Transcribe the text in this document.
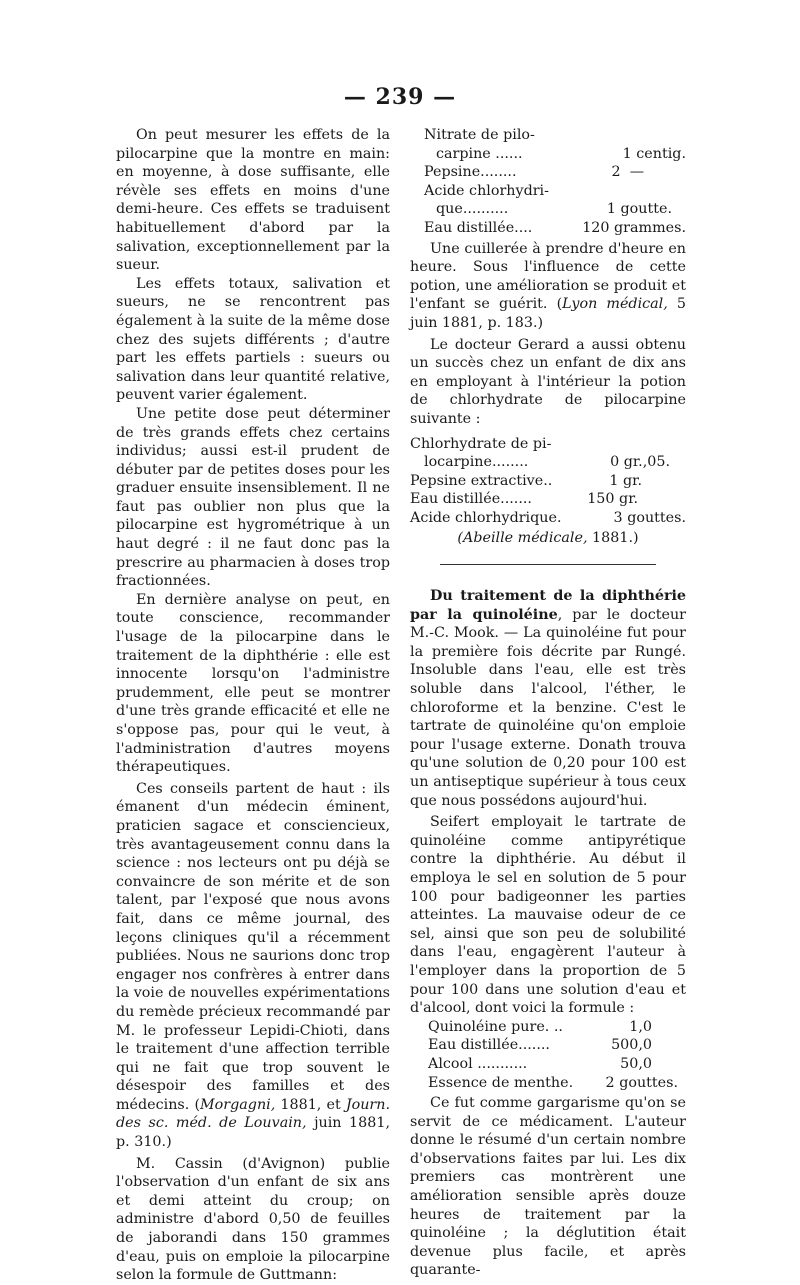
— 239 —

On peut mesurer les effets de la pilocarpine que la montre en main: en moyenne, à dose suffisante, elle révèle ses effets en moins d'une demi-heure. Ces effets se traduisent habituellement d'abord par la salivation, exceptionnellement par la sueur.

Les effets totaux, salivation et sueurs, ne se rencontrent pas également à la suite de la même dose chez des sujets différents ; d'autre part les effets partiels : sueurs ou salivation dans leur quantité relative, peuvent varier également.

Une petite dose peut déterminer de très grands effets chez certains individus; aussi est-il prudent de débuter par de petites doses pour les graduer ensuite insensiblement. Il ne faut pas oublier non plus que la pilocarpine est hygrométrique à un haut degré : il ne faut donc pas la prescrire au pharmacien à doses trop fractionnées.

En dernière analyse on peut, en toute conscience, recommander l'usage de la pilocarpine dans le traitement de la diphthérie : elle est innocente lorsqu'on l'administre prudemment, elle peut se montrer d'une très grande efficacité et elle ne s'oppose pas, pour qui le veut, à l'administration d'autres moyens thérapeutiques.

Ces conseils partent de haut : ils émanent d'un médecin éminent, praticien sagace et consciencieux, très avantageusement connu dans la science : nos lecteurs ont pu déjà se convaincre de son mérite et de son talent, par l'exposé que nous avons fait, dans ce même journal, des leçons cliniques qu'il a récemment publiées. Nous ne saurions donc trop engager nos confrères à entrer dans la voie de nouvelles expérimentations du remède précieux recommandé par M. le professeur Lepidi-Chioti, dans le traitement d'une affection terrible qui ne fait que trop souvent le désespoir des familles et des médecins. (Morgagni, 1881, et Journ. des sc. méd. de Louvain, juin 1881, p. 310.)

M. Cassin (d'Avignon) publie l'observation d'un enfant de six ans et demi atteint du croup; on administre d'abord 0,50 de feuilles de jaborandi dans 150 grammes d'eau, puis on emploie la pilocarpine selon la formule de Guttmann:

Nitrate de pilo-
carpine ......	1 centig.
Pepsine........	2  —
Acide chlorhydri-
que..........	1 goutte.
Eau distillée....	120 grammes.

Une cuillerée à prendre d'heure en heure. Sous l'influence de cette potion, une amélioration se produit et l'enfant se guérit. (Lyon médical, 5 juin 1881, p. 183.)

Le docteur Gerard a aussi obtenu un succès chez un enfant de dix ans en employant à l'intérieur la potion de chlorhydrate de pilocarpine suivante :

Chlorhydrate de pi-
locarpine........	0 gr.,05.
Pepsine extractive..	1 gr.
Eau distillée.......	150 gr.
Acide chlorhydrique.	3 gouttes.
(Abeille médicale, 1881.)

Du traitement de la diphthérie par la quinoléine, par le docteur M.-C. Mook. — La quinoléine fut pour la première fois décrite par Rungé. Insoluble dans l'eau, elle est très soluble dans l'alcool, l'éther, le chloroforme et la benzine. C'est le tartrate de quinoléine qu'on emploie pour l'usage externe. Donath trouva qu'une solution de 0,20 pour 100 est un antiseptique supérieur à tous ceux que nous possédons aujourd'hui.

Seifert employait le tartrate de quinoléine comme antipyrétique contre la diphthérie. Au début il employa le sel en solution de 5 pour 100 pour badigeonner les parties atteintes. La mauvaise odeur de ce sel, ainsi que son peu de solubilité dans l'eau, engagèrent l'auteur à l'employer dans la proportion de 5 pour 100 dans une solution d'eau et d'alcool, dont voici la formule :

Quinoléine pure. ..	1,0
Eau distillée.......	500,0
Alcool ...........	50,0
Essence de menthe. 2 gouttes.

Ce fut comme gargarisme qu'on se servit de ce médicament. L'auteur donne le résumé d'un certain nombre d'observations faites par lui. Les dix premiers cas montrèrent une amélioration sensible après douze heures de traitement par la quinoléine ; la déglutition était devenue plus facile, et après quarante-
